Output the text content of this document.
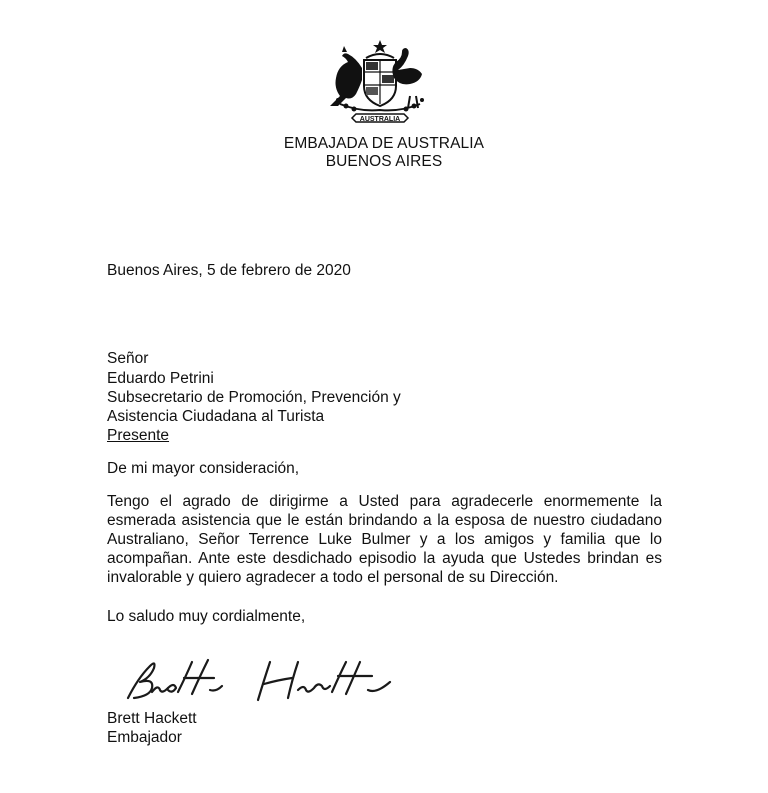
AUSTRALIA
EMBAJADA DE AUSTRALIA
BUENOS AIRES
Buenos Aires, 5 de febrero de 2020
Señor
Eduardo Petrini
Subsecretario de Promoción, Prevención y
Asistencia Ciudadana al Turista
Presente
De mi mayor consideración,
Tengo el agrado de dirigirme a Usted para agradecerle enormemente la
esmerada asistencia que le están brindando a la esposa de nuestro ciudadano
Australiano, Señor Terrence Luke Bulmer y a los amigos y familia que lo
acompañan. Ante este desdichado episodio la ayuda que Ustedes brindan es
invalorable y quiero agradecer a todo el personal de su Dirección.
Lo saludo muy cordialmente,
Brett Hackett
Embajador
